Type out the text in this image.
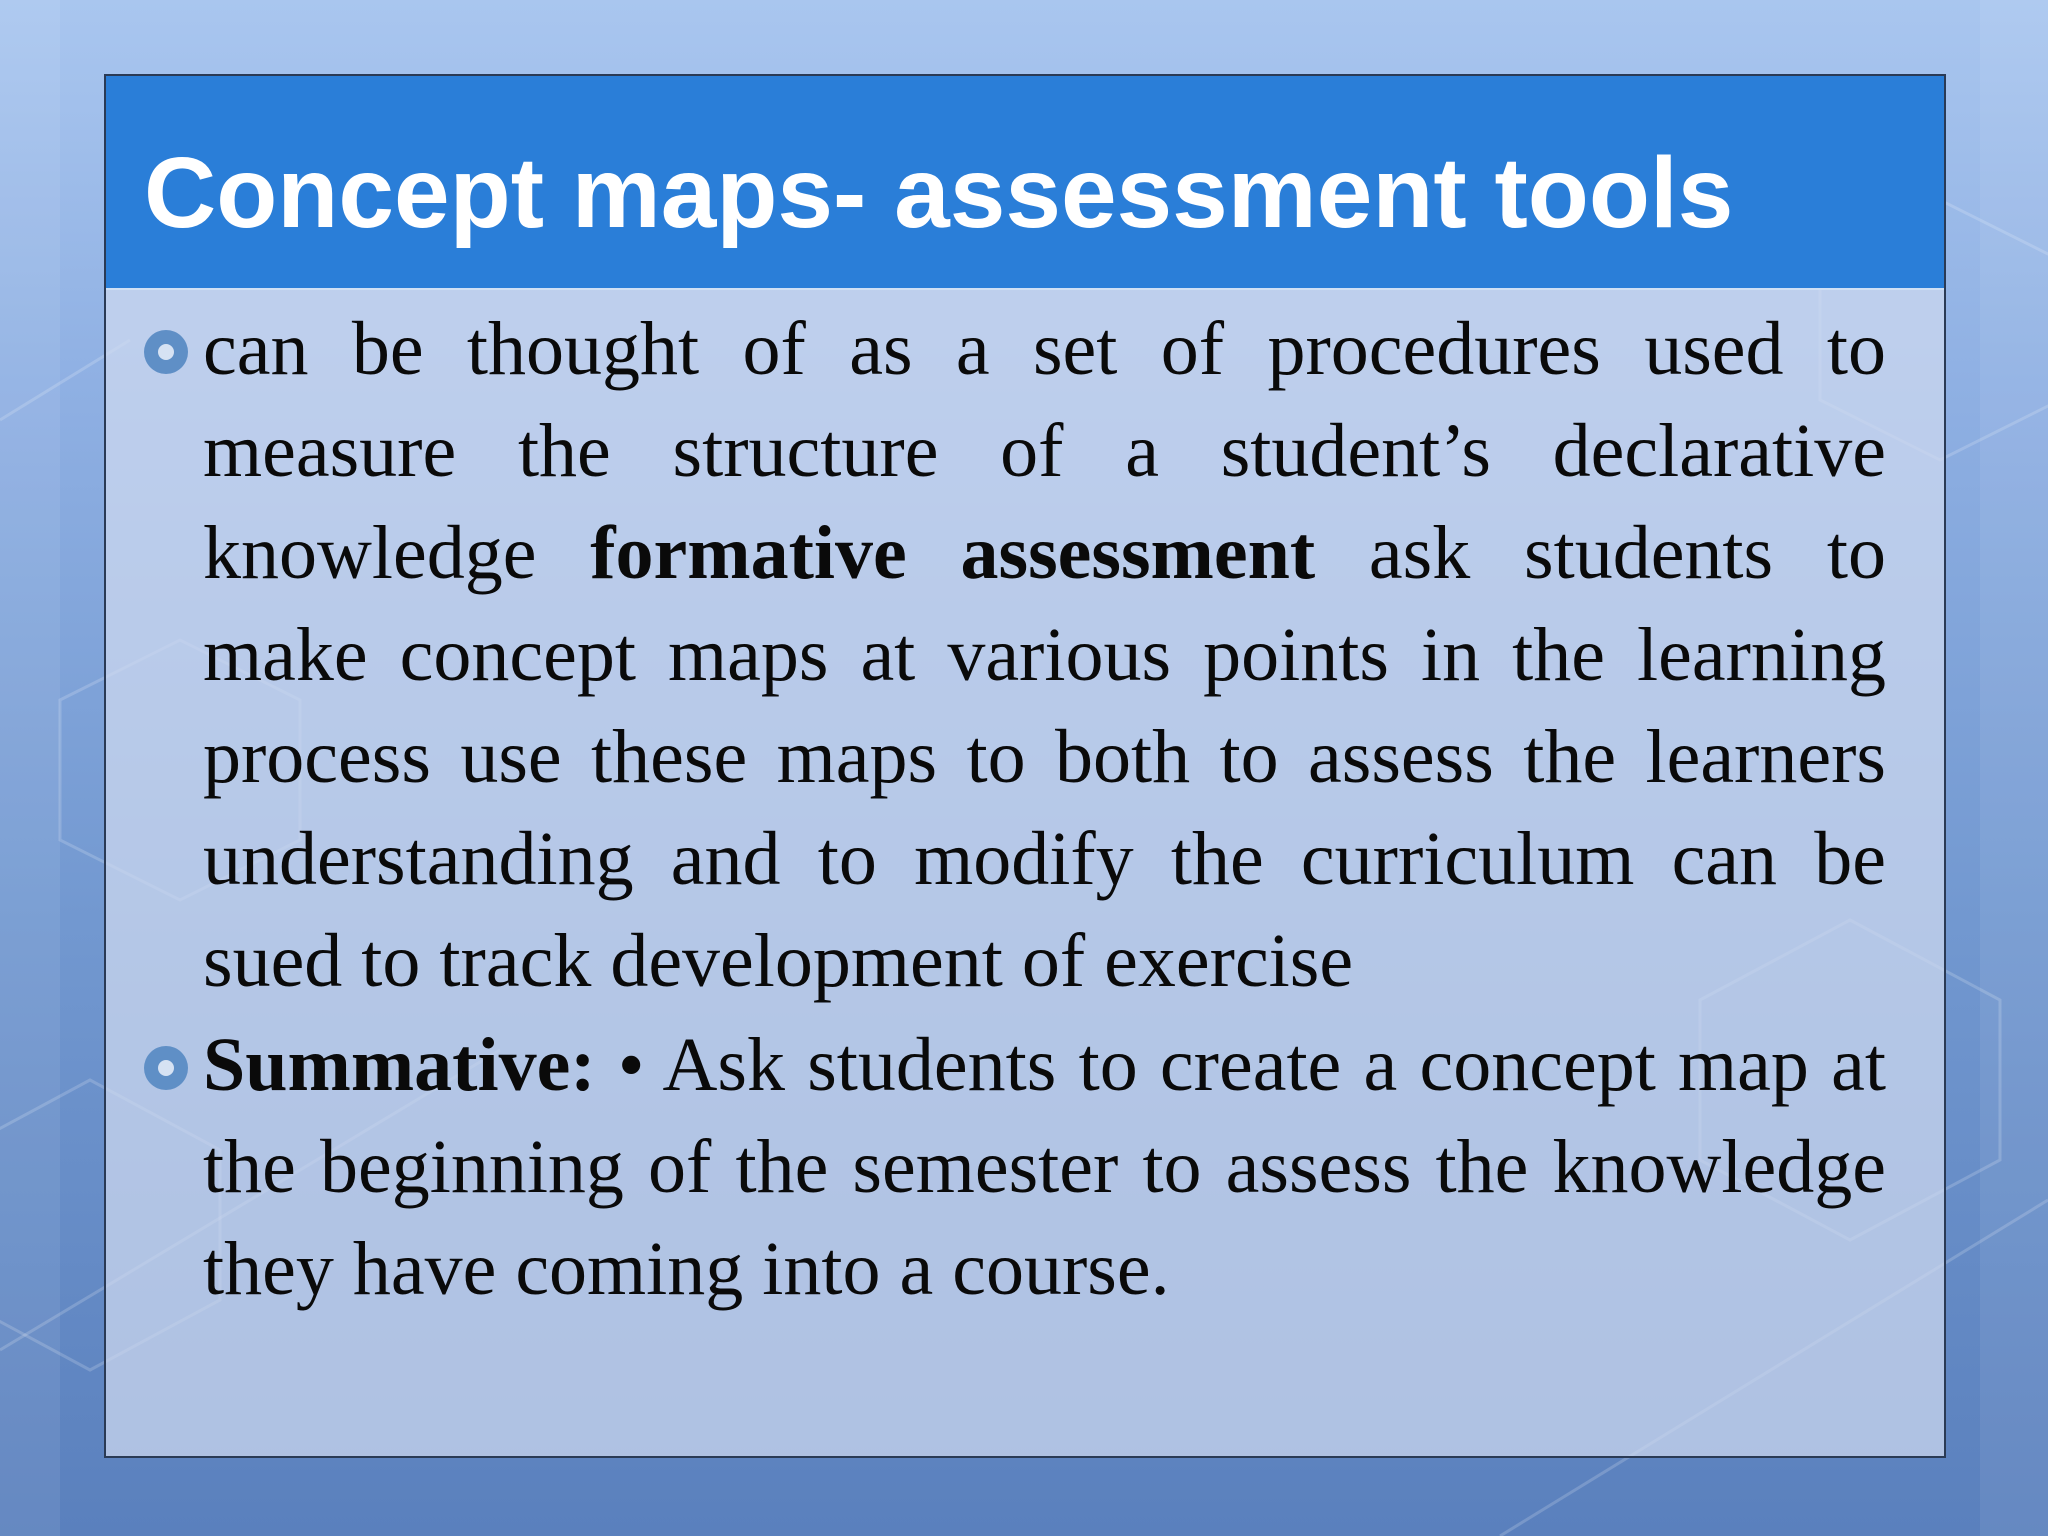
Concept maps- assessment tools
can be thought of as a set of procedures used to measure the structure of a student’s declarative knowledge formative assessment ask students to make concept maps at various points in the learning process use these maps to both to assess the learners understanding and to modify the curriculum can be sued to track development of exercise
Summative: • Ask students to create a concept map at the beginning of the semester to assess the knowledge they have coming into a course.
